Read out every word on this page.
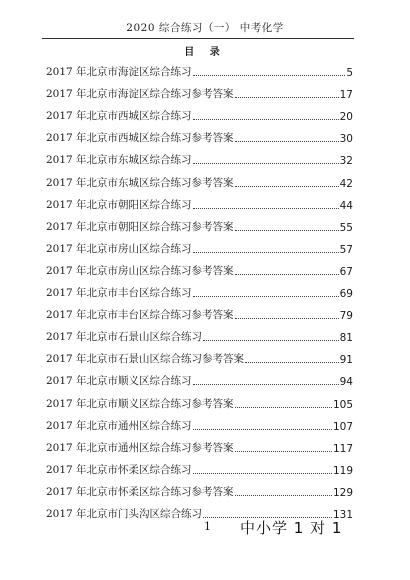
2020 综合练习（一） 中考化学
目 录
2017 年北京市海淀区综合练习	5
2017 年北京市海淀区综合练习参考答案	17
2017 年北京市西城区综合练习	20
2017 年北京市西城区综合练习参考答案	30
2017 年北京市东城区综合练习	32
2017 年北京市东城区综合练习参考答案	42
2017 年北京市朝阳区综合练习	44
2017 年北京市朝阳区综合练习参考答案	55
2017 年北京市房山区综合练习	57
2017 年北京市房山区综合练习参考答案	67
2017 年北京市丰台区综合练习	69
2017 年北京市丰台区综合练习参考答案	79
2017 年北京市石景山区综合练习	81
2017 年北京市石景山区综合练习参考答案	91
2017 年北京市顺义区综合练习	94
2017 年北京市顺义区综合练习参考答案	105
2017 年北京市通州区综合练习	107
2017 年北京市通州区综合练习参考答案	117
2017 年北京市怀柔区综合练习	119
2017 年北京市怀柔区综合练习参考答案	129
2017 年北京市门头沟区综合练习	131
1 中小学 1 对 1
